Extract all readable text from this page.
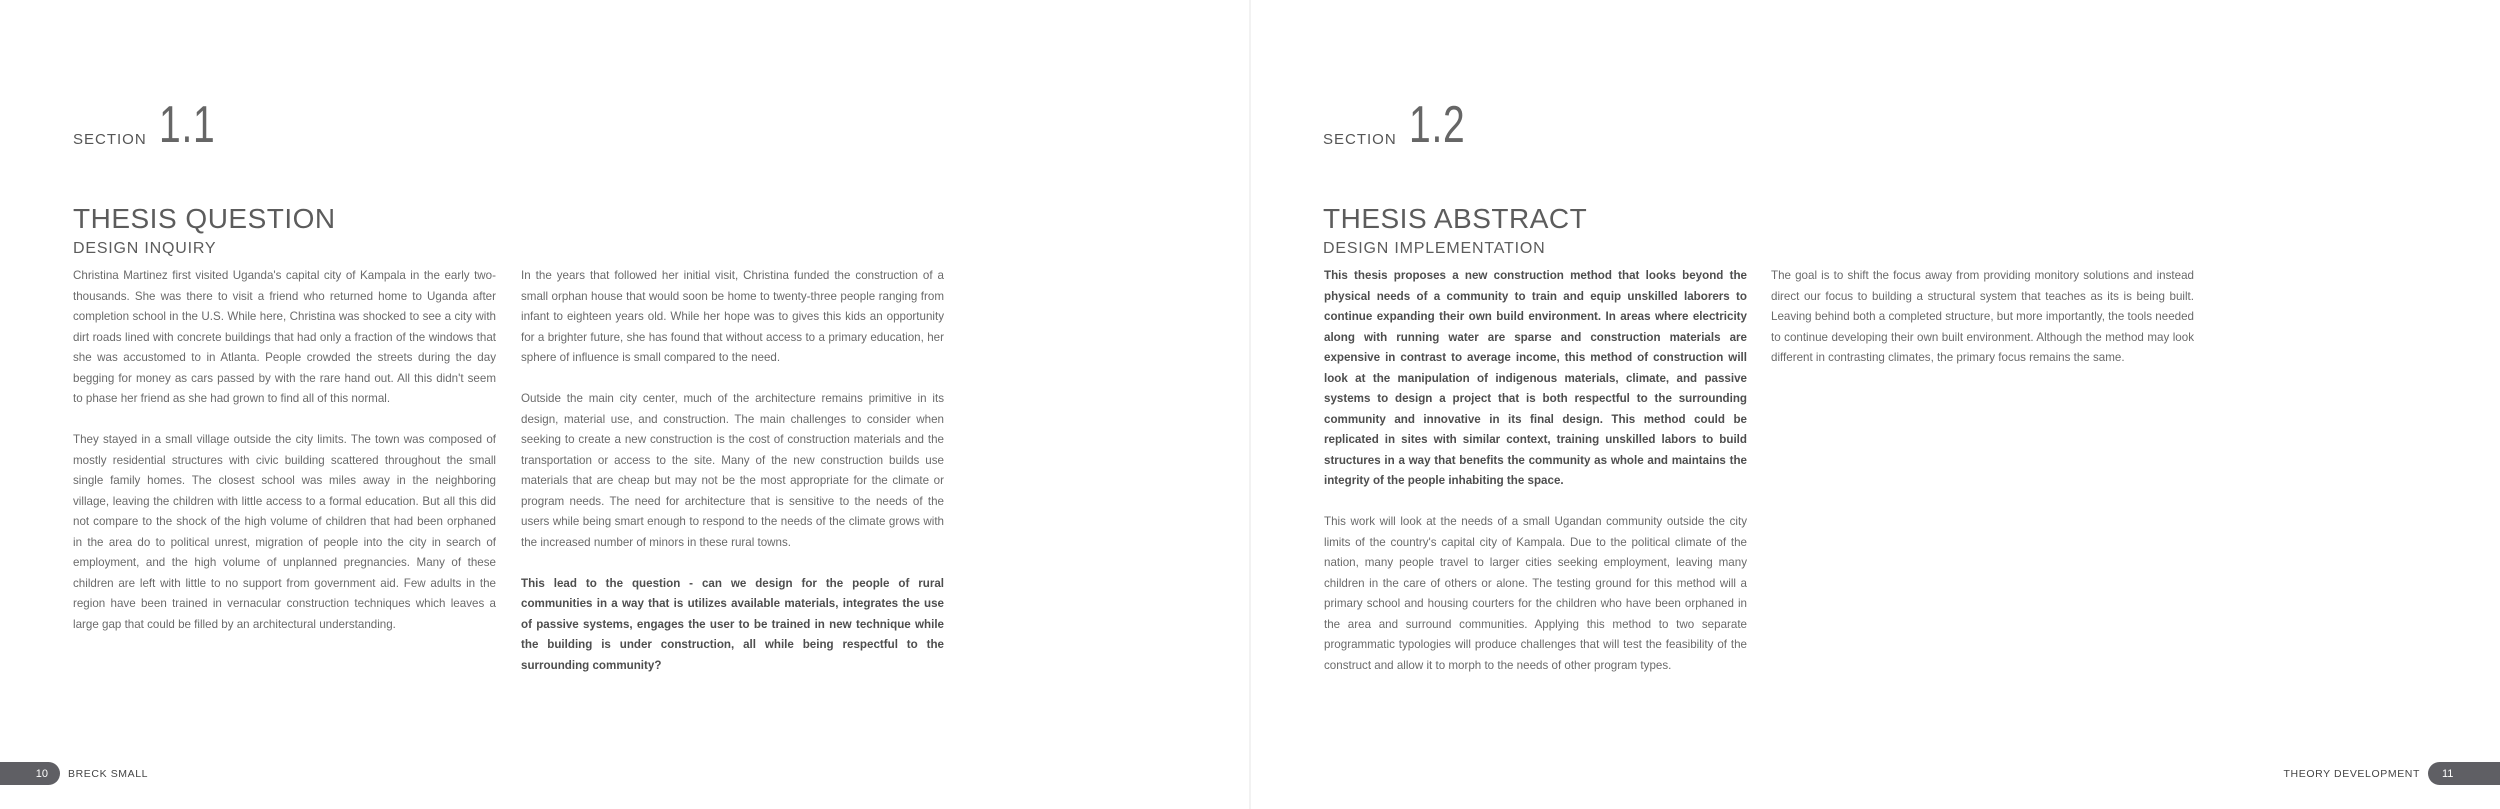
SECTION 1.1
THESIS QUESTION
DESIGN INQUIRY

Christina Martinez first visited Uganda's capital city of Kampala in the early two-thousands. She was there to visit a friend who returned home to Uganda after completion school in the U.S. While here, Christina was shocked to see a city with dirt roads lined with concrete buildings that had only a fraction of the windows that she was accustomed to in Atlanta. People crowded the streets during the day begging for money as cars passed by with the rare hand out. All this didn't seem to phase her friend as she had grown to find all of this normal.

They stayed in a small village outside the city limits. The town was composed of mostly residential structures with civic building scattered throughout the small single family homes. The closest school was miles away in the neighboring village, leaving the children with little access to a formal education. But all this did not compare to the shock of the high volume of children that had been orphaned in the area do to political unrest, migration of people into the city in search of employment, and the high volume of unplanned pregnancies. Many of these children are left with little to no support from government aid. Few adults in the region have been trained in vernacular construction techniques which leaves a large gap that could be filled by an architectural understanding.

In the years that followed her initial visit, Christina funded the construction of a small orphan house that would soon be home to twenty-three people ranging from infant to eighteen years old. While her hope was to gives this kids an opportunity for a brighter future, she has found that without access to a primary education, her sphere of influence is small compared to the need.

Outside the main city center, much of the architecture remains primitive in its design, material use, and construction. The main challenges to consider when seeking to create a new construction is the cost of construction materials and the transportation or access to the site. Many of the new construction builds use materials that are cheap but may not be the most appropriate for the climate or program needs. The need for architecture that is sensitive to the needs of the users while being smart enough to respond to the needs of the climate grows with the increased number of minors in these rural towns.

This lead to the question - can we design for the people of rural communities in a way that is utilizes available materials, integrates the use of passive systems, engages the user to be trained in new technique while the building is under construction, all while being respectful to the surrounding community?

10	BRECK SMALL
SECTION 1.2
THESIS ABSTRACT
DESIGN IMPLEMENTATION

This thesis proposes a new construction method that looks beyond the physical needs of a community to train and equip unskilled laborers to continue expanding their own build environment. In areas where electricity along with running water are sparse and construction materials are expensive in contrast to average income, this method of construction will look at the manipulation of indigenous materials, climate, and passive systems to design a project that is both respectful to the surrounding community and innovative in its final design. This method could be replicated in sites with similar context, training unskilled labors to build structures in a way that benefits the community as whole and maintains the integrity of the people inhabiting the space.

This work will look at the needs of a small Ugandan community outside the city limits of the country's capital city of Kampala. Due to the political climate of the nation, many people travel to larger cities seeking employment, leaving many children in the care of others or alone. The testing ground for this method will a primary school and housing courters for the children who have been orphaned in the area and surround communities. Applying this method to two separate programmatic typologies will produce challenges that will test the feasibility of the construct and allow it to morph to the needs of other program types.

The goal is to shift the focus away from providing monitory solutions and instead direct our focus to building a structural system that teaches as its is being built. Leaving behind both a completed structure, but more importantly, the tools needed to continue developing their own built environment. Although the method may look different in contrasting climates, the primary focus remains the same.

THEORY DEVELOPMENT	11
